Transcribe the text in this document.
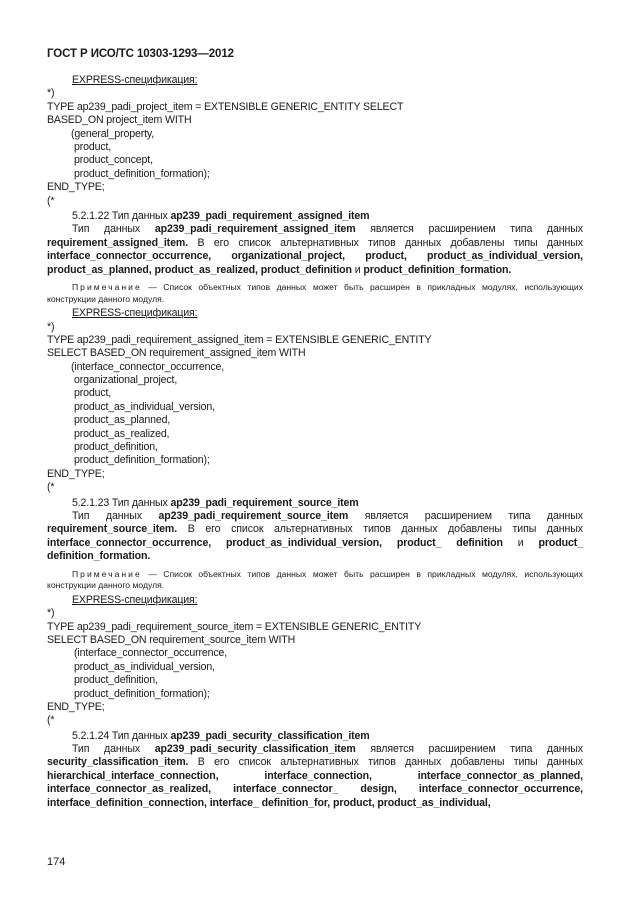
ГОСТ Р ИСО/ТС 10303-1293—2012
EXPRESS-спецификация:
*)
TYPE ap239_padi_project_item = EXTENSIBLE GENERIC_ENTITY SELECT
BASED_ON project_item WITH
(general_property,
product,
product_concept,
product_definition_formation);
END_TYPE;
(*
5.2.1.22 Тип данных ap239_padi_requirement_assigned_item

Тип данных ap239_padi_requirement_assigned_item является расширением типа данных requirement_assigned_item. В его список альтернативных типов данных добавлены типы данных interface_connector_occurrence, organizational_project, product, product_as_individual_version, product_as_planned, product_as_realized, product_definition и product_definition_formation.

Примечание — Список объектных типов данных может быть расширен в прикладных модулях, использующих конструкции данного модуля.

EXPRESS-спецификация:
*)
TYPE ap239_padi_requirement_assigned_item = EXTENSIBLE GENERIC_ENTITY
SELECT BASED_ON requirement_assigned_item WITH
(interface_connector_occurrence,
organizational_project,
product,
product_as_individual_version,
product_as_planned,
product_as_realized,
product_definition,
product_definition_formation);
END_TYPE;
(*
5.2.1.23 Тип данных ap239_padi_requirement_source_item

Тип данных ap239_padi_requirement_source_item является расширением типа данных requirement_source_item. В его список альтернативных типов данных добавлены типы данных interface_connector_occurrence, product_as_individual_version, product_ definition и product_ definition_formation.

Примечание — Список объектных типов данных может быть расширен в прикладных модулях, использующих конструкции данного модуля.

EXPRESS-спецификация:
*)
TYPE ap239_padi_requirement_source_item = EXTENSIBLE GENERIC_ENTITY
SELECT BASED_ON requirement_source_item WITH
(interface_connector_occurrence,
product_as_individual_version,
product_definition,
product_definition_formation);
END_TYPE;
(*
5.2.1.24 Тип данных ap239_padi_security_classification_item

Тип данных ap239_padi_security_classification_item является расширением типа данных security_classification_item. В его список альтернативных типов данных добавлены типы данных hierarchical_interface_connection, interface_connection, interface_connector_as_planned, interface_connector_as_realized, interface_connector_ design, interface_connector_occurrence, interface_definition_connection, interface_ definition_for, product, product_as_individual,

174
